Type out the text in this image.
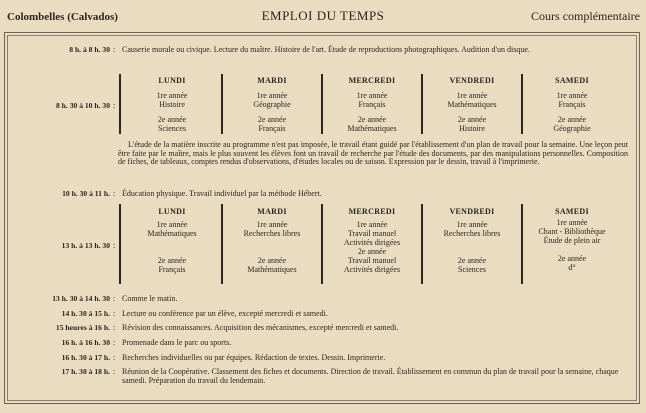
Colombelles (Calvados)	EMPLOI DU TEMPS	Cours complémentaire
8 h. à 8 h. 30 : Causerie morale ou civique. Lecture du maître. Histoire de l'art. Étude de reproductions photographiques. Audition d'un disque.
8 h. 30 à 10 h. 30 :

LUNDI

1re année

Histoire

2e année

Sciences

MARDI

1re année

Géographie

2e année

Français

MERCREDI

1re année

Français

2e année

Mathématiques

VENDREDI

1re année

Mathématiques

2e année

Histoire

SAMEDI

1re année

Français

2e année

Géographie

L'étude de la matière inscrite au programme n'est pas imposée, le travail étant guidé par l'établissement d'un plan de travail pour la semaine. Une leçon peut être faite par le maître, mais le plus souvent les élèves font un travail de recherche par l'étude des documents, par des manipulations personnelles. Composition de fiches, de tableaux, comptes rendus d'observations, d'études locales ou de saison. Expression par le dessin, travail à l'imprimerie.
10 h. 30 à 11 h. : Éducation physique. Travail individuel par la méthode Hébert.
13 h. à 13 h. 30 :

LUNDI

1re année

Mathématiques

2e année

Français

MARDI

1re année

Recherches libres

2e année

Mathématiques

MERCREDI

1re année

Travail manuel

Activités dirigées

2e année

Travail manuel

Activités dirigées

VENDREDI

1re année

Recherches libres

2e année

Sciences

SAMEDI

1re année

Chant - Bibliothèque

Étude de plein air

2e année

d°

13 h. 30 à 14 h. 30 : Comme le matin.
14 h. 30 à 15 h. : Lecture ou conférence par un élève, excepté mercredi et samedi.
15 heures à 16 h. : Révision des connaissances. Acquisition des mécanismes, excepté mercredi et samedi.
16 h. à 16 h. 30 : Promenade dans le parc ou sports.
16 h. 30 à 17 h. : Recherches individuelles ou par équipes. Rédaction de textes. Dessin. Imprimerie.
17 h. 30 à 18 h. : Réunion de la Coopérative. Classement des fiches et documents. Direction de travail. Établissement en commun du plan de travail pour la semaine, chaque samedi. Préparation du travail du lendemain.
